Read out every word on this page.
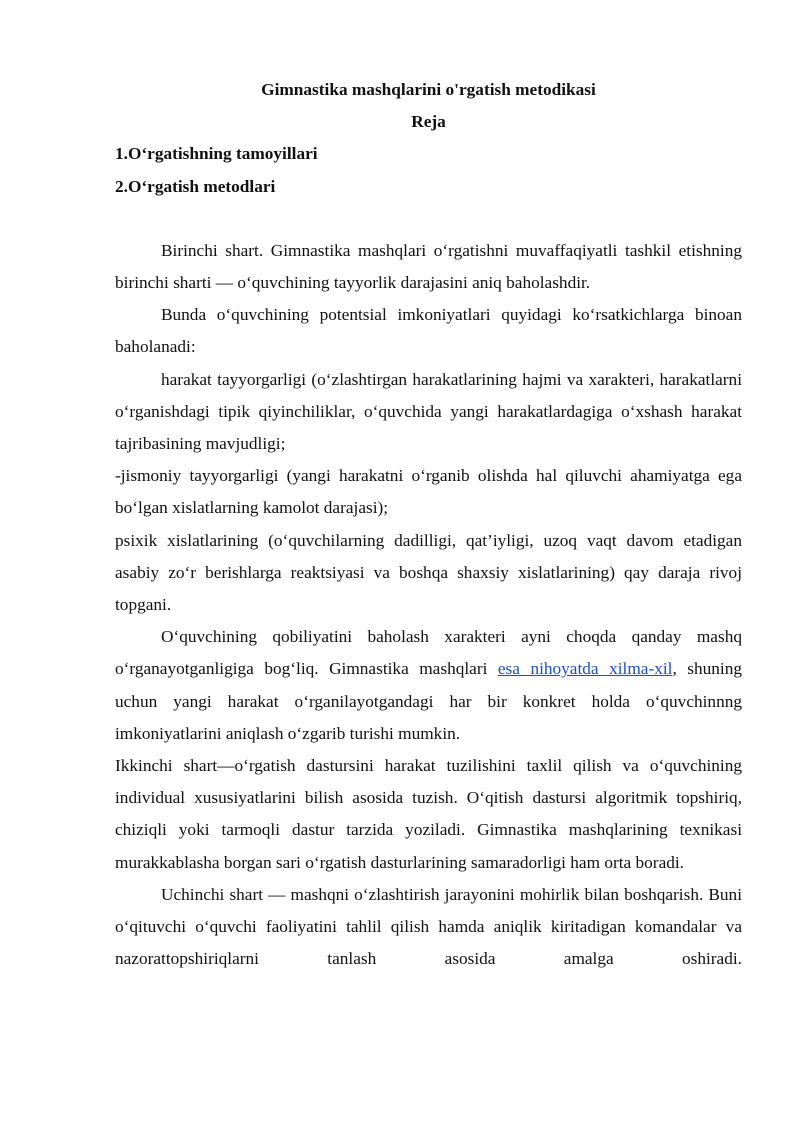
Gimnastika mashqlarini o'rgatish metodikasi
Reja
1.O‘rgatishning tamoyillari
2.O‘rgatish metodlari

Birinchi shart. Gimnastika mashqlari o‘rgatishni muvaffaqiyatli tashkil etishning birinchi sharti — o‘quvchining tayyorlik darajasini aniq baholashdir.

Bunda o‘quvchining potentsial imkoniyatlari quyidagi ko‘rsatkichlarga binoan baholanadi:

harakat tayyorgarligi (o‘zlashtirgan harakatlarining hajmi va xarakteri, harakatlarni o‘rganishdagi tipik qiyinchiliklar, o‘quvchida yangi harakatlardagiga o‘xshash harakat tajribasining mavjudligi;

-jismoniy tayyorgarligi (yangi harakatni o‘rganib olishda hal qiluvchi ahamiyatga ega bo‘lgan xislatlarning kamolot darajasi);

psixik xislatlarining (o‘quvchilarning dadilligi, qat’iyligi, uzoq vaqt davom etadigan asabiy zo‘r berishlarga reaktsiyasi va boshqa shaxsiy xislatlarining) qay daraja rivoj topgani.

O‘quvchining qobiliyatini baholash xarakteri ayni choqda qanday mashq o‘rganayotganligiga bog‘liq. Gimnastika mashqlari esa nihoyatda xilma-xil, shuning uchun yangi harakat o‘rganilayotgandagi har bir konkret holda o‘quvchinnng imkoniyatlarini aniqlash o‘zgarib turishi mumkin.

Ikkinchi shart—o‘rgatish dastursini harakat tuzilishini taxlil qilish va o‘quvchining individual xususiyatlarini bilish asosida tuzish. O‘qitish dastursi algoritmik topshiriq, chiziqli yoki tarmoqli dastur tarzida yoziladi. Gimnastika mashqlarining texnikasi murakkablasha borgan sari o‘rgatish dasturlarining samaradorligi ham orta boradi.

Uchinchi shart — mashqni o‘zlashtirish jarayonini mohirlik bilan boshqarish. Buni o‘qituvchi o‘quvchi faoliyatini tahlil qilish hamda aniqlik kiritadigan komandalar va nazorattopshiriqlarni tanlash asosida amalga oshiradi.
